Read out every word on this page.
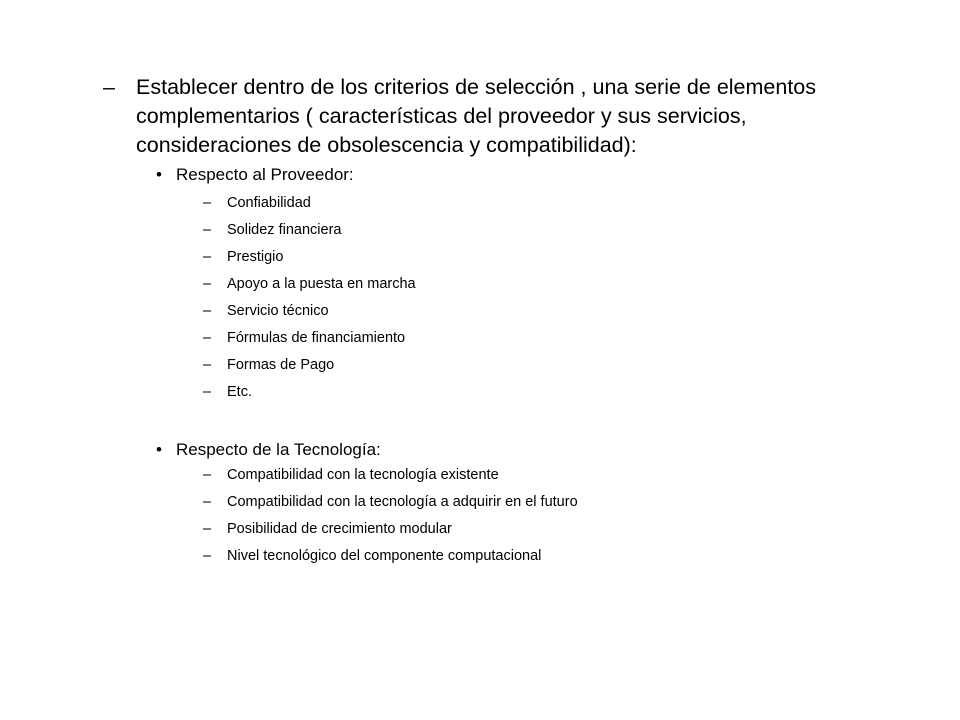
– Establecer dentro de los criterios de selección , una serie de elementos complementarios ( características del proveedor y sus servicios, consideraciones de obsolescencia y compatibilidad):
• Respecto al Proveedor:
– Confiabilidad
– Solidez financiera
– Prestigio
– Apoyo a la puesta en marcha
– Servicio técnico
– Fórmulas de financiamiento
– Formas de Pago
– Etc.
• Respecto de la Tecnología:
– Compatibilidad con la tecnología existente
– Compatibilidad con la tecnología a adquirir en el futuro
– Posibilidad de crecimiento modular
– Nivel tecnológico del componente computacional
